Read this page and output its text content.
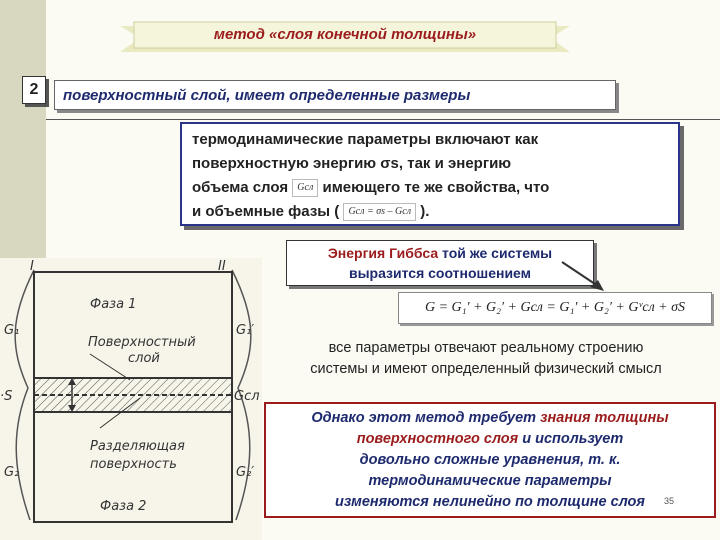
метод «слоя конечной толщины»
2	поверхностный слой, имеет определенные размеры
термодинамические параметры включают как
поверхностную энергию σs, так и энергию
объема слоя Gсл имеющего те же свойства, что
и объемные фазы ( Gсл = σs – Gсл ).
Энергия Гиббса той же системы
выразится соотношением
G = G₁′ + G₂′ + Gсл = G₁′ + G₂′ + Gᵛсл + σS
все параметры отвечают реальному строению
системы и имеют определенный физический смысл
Однако этот метод требует знания толщины
поверхностного слоя и использует
довольно сложные уравнения, т. к.
термодинамические параметры
изменяются нелинейно по толщине слоя	35
I	II
Фаза 1
Поверхностный
слой
Разделяющая
поверхность
Фаза 2
G₁
·S
G₂
G₁′
Gсл
G₂′
